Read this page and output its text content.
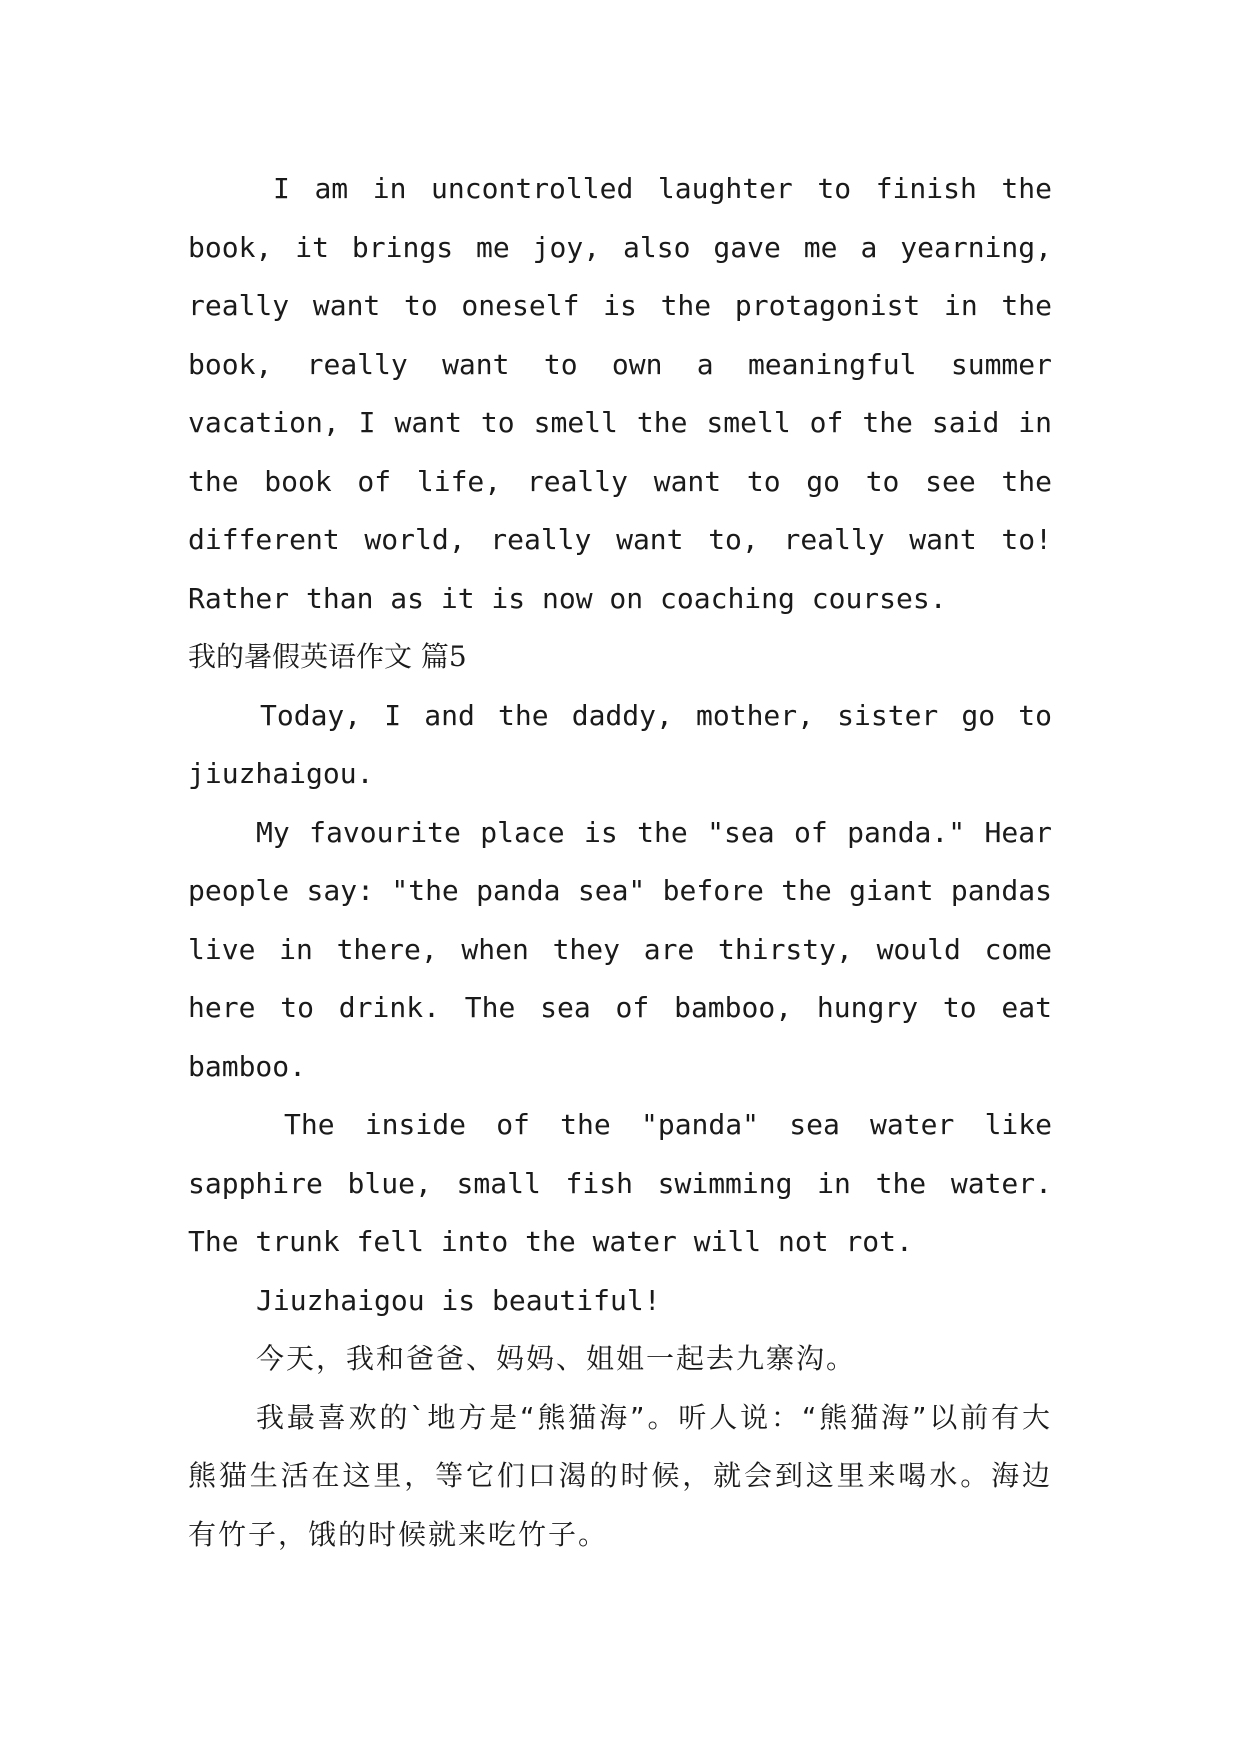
I am in uncontrolled laughter to finish the book, it brings me joy, also gave me a yearning, really want to oneself is the protagonist in the book, really want to own a meaningful summer vacation, I want to smell the smell of the said in the book of life, really want to go to see the different world, really want to, really want to! Rather than as it is now on coaching courses.

我的暑假英语作文 篇5

Today, I and the daddy, mother, sister go to jiuzhaigou.

My favourite place is the "sea of panda." Hear people say: "the panda sea" before the giant pandas live in there, when they are thirsty, would come here to drink. The sea of bamboo, hungry to eat bamboo.

The inside of the "panda" sea water like sapphire blue, small fish swimming in the water. The trunk fell into the water will not rot.

Jiuzhaigou is beautiful!

今天，我和爸爸、妈妈、姐姐一起去九寨沟。

我最喜欢的`地方是“熊猫海”。听人说：“熊猫海”以前有大熊猫生活在这里，等它们口渴的时候，就会到这里来喝水。海边有竹子，饿的时候就来吃竹子。
